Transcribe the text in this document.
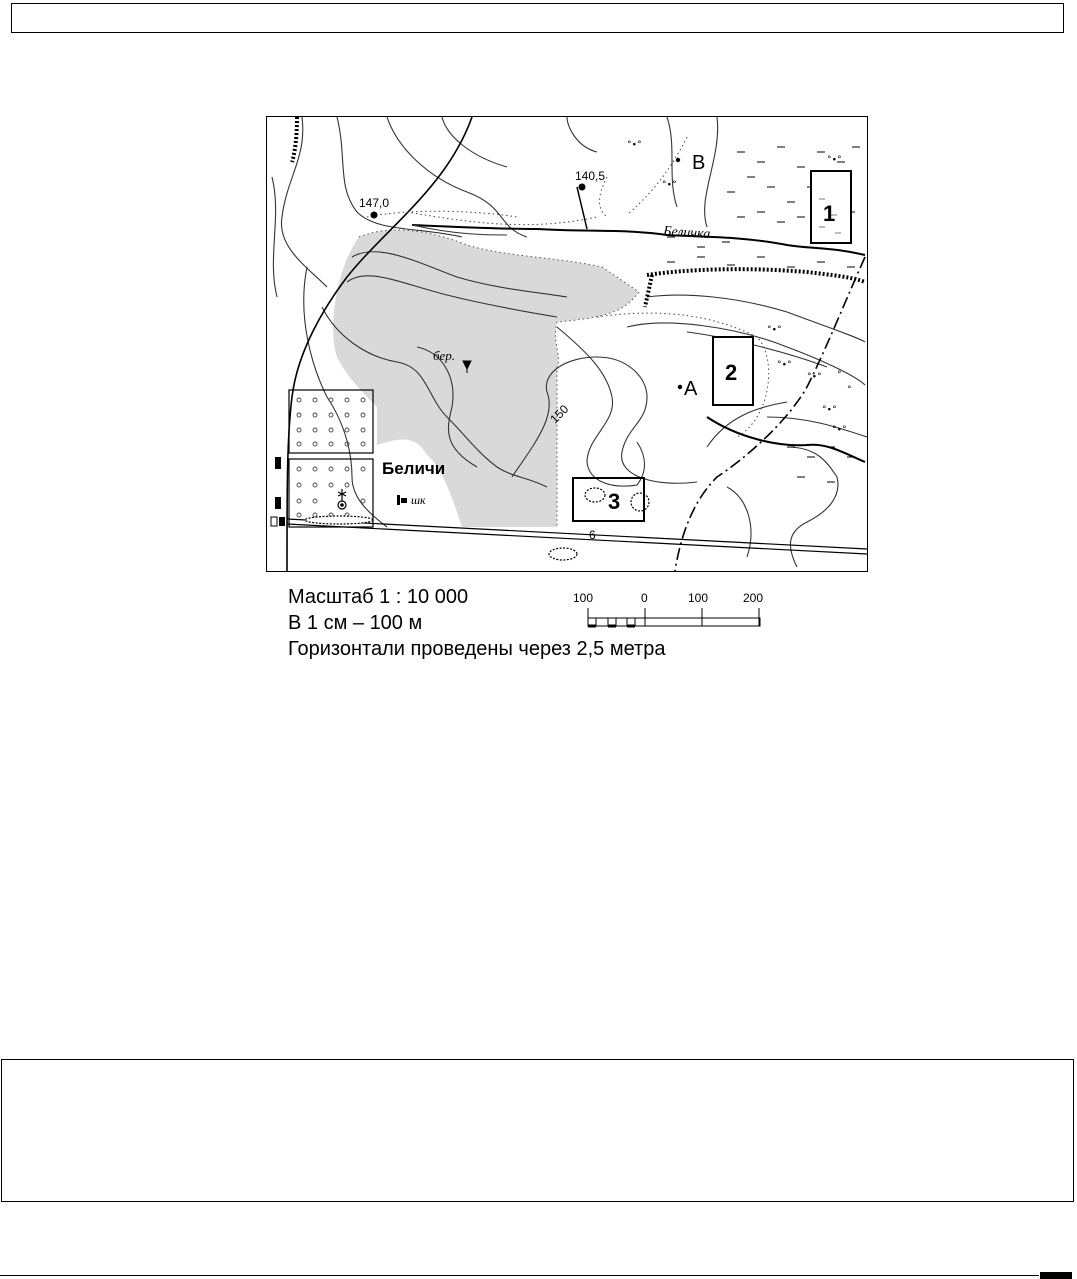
150
6
°∙°
°∙°
°∙°
°∙°
°∙°
°∙° °
°∙°
°
°∙°
147,0
140,5
Беличка
бер.
Беличи
шк
B
A
1
2
3
Масштаб 1 : 10 000
В 1 см – 100 м
Горизонтали проведены через 2,5 метра
100	0	100	200
